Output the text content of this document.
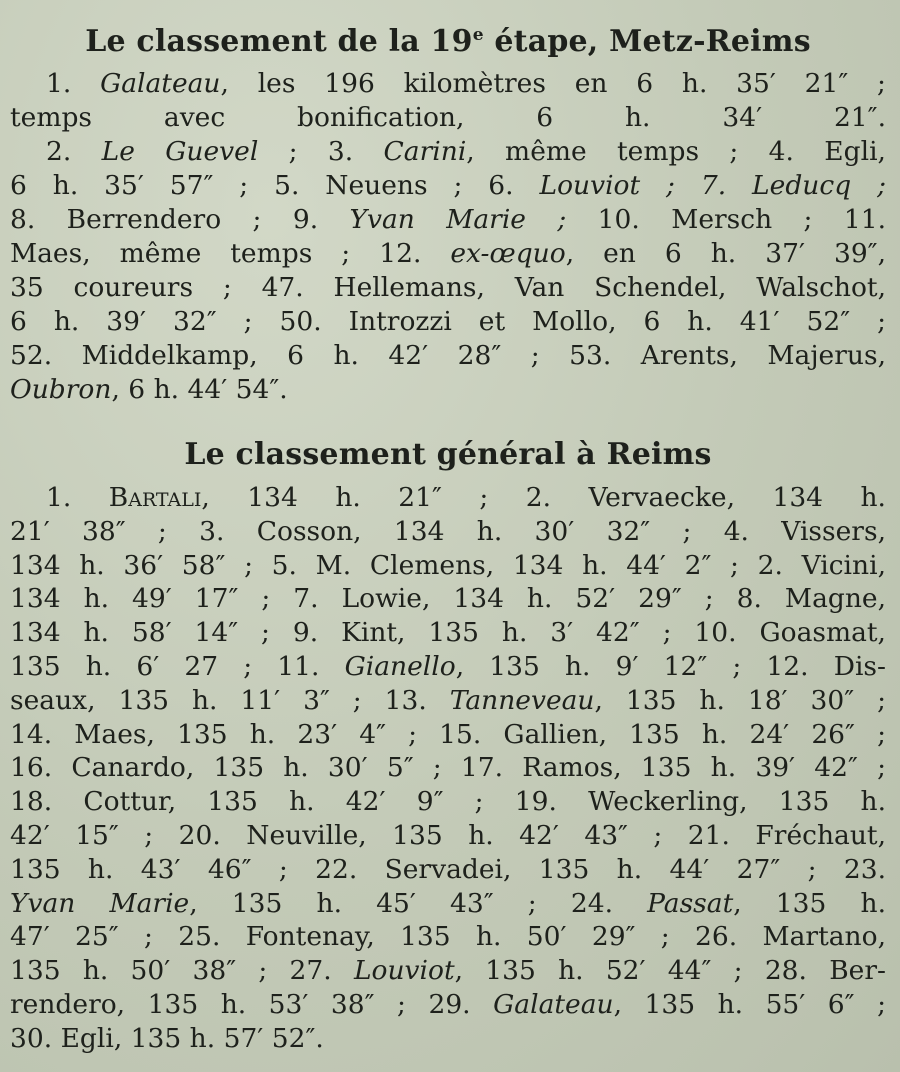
Le classement de la 19e étape, Metz-Reims
1. Galateau, les 196 kilomètres en 6 h. 35′ 21″ ;
temps avec bonification, 6 h. 34′ 21″.
2. Le Guevel ; 3. Carini, même temps ; 4. Egli,
6 h. 35′ 57″ ; 5. Neuens ; 6. Louviot ; 7. Leducq ;
8. Berrendero ; 9. Yvan Marie ; 10. Mersch ; 11.
Maes, même temps ; 12. ex-œquo, en 6 h. 37′ 39″,
35 coureurs ; 47. Hellemans, Van Schendel, Walschot,
6 h. 39′ 32″ ; 50. Introzzi et Mollo, 6 h. 41′ 52″ ;
52. Middelkamp, 6 h. 42′ 28″ ; 53. Arents, Majerus,
Oubron, 6 h. 44′ 54″.
Le classement général à Reims
1. Bartali, 134 h. 21″ ; 2. Vervaecke, 134 h.
21′ 38″ ; 3. Cosson, 134 h. 30′ 32″ ; 4. Vissers,
134 h. 36′ 58″ ; 5. M. Clemens, 134 h. 44′ 2″ ; 2. Vicini,
134 h. 49′ 17″ ; 7. Lowie, 134 h. 52′ 29″ ; 8. Magne,
134 h. 58′ 14″ ; 9. Kint, 135 h. 3′ 42″ ; 10. Goasmat,
135 h. 6′ 27 ; 11. Gianello, 135 h. 9′ 12″ ; 12. Dis-
seaux, 135 h. 11′ 3″ ; 13. Tanneveau, 135 h. 18′ 30″ ;
14. Maes, 135 h. 23′ 4″ ; 15. Gallien, 135 h. 24′ 26″ ;
16. Canardo, 135 h. 30′ 5″ ; 17. Ramos, 135 h. 39′ 42″ ;
18. Cottur, 135 h. 42′ 9″ ; 19. Weckerling, 135 h.
42′ 15″ ; 20. Neuville, 135 h. 42′ 43″ ; 21. Fréchaut,
135 h. 43′ 46″ ; 22. Servadei, 135 h. 44′ 27″ ; 23.
Yvan Marie, 135 h. 45′ 43″ ; 24. Passat, 135 h.
47′ 25″ ; 25. Fontenay, 135 h. 50′ 29″ ; 26. Martano,
135 h. 50′ 38″ ; 27. Louviot, 135 h. 52′ 44″ ; 28. Ber-
rendero, 135 h. 53′ 38″ ; 29. Galateau, 135 h. 55′ 6″ ;
30. Egli, 135 h. 57′ 52″.
